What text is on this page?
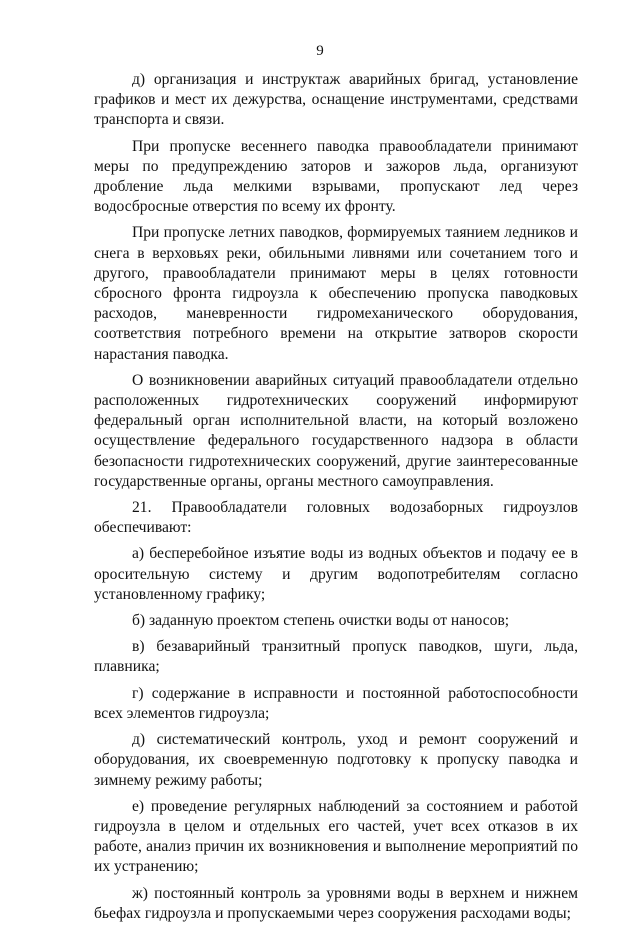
9

д) организация и инструктаж аварийных бригад, установление графиков и мест их дежурства, оснащение инструментами, средствами транспорта и связи.

При пропуске весеннего паводка правообладатели принимают меры по предупреждению заторов и зажоров льда, организуют дробление льда мелкими взрывами, пропускают лед через водосбросные отверстия по всему их фронту.

При пропуске летних паводков, формируемых таянием ледников и снега в верховьях реки, обильными ливнями или сочетанием того и другого, правообладатели принимают меры в целях готовности сбросного фронта гидроузла к обеспечению пропуска паводковых расходов, маневренности гидромеханического оборудования, соответствия потребного времени на открытие затворов скорости нарастания паводка.

О возникновении аварийных ситуаций правообладатели отдельно расположенных гидротехнических сооружений информируют федеральный орган исполнительной власти, на который возложено осуществление федерального государственного надзора в области безопасности гидротехнических сооружений, другие заинтересованные государственные органы, органы местного самоуправления.

21. Правообладатели головных водозаборных гидроузлов обеспечивают:

а) бесперебойное изъятие воды из водных объектов и подачу ее в оросительную систему и другим водопотребителям согласно установленному графику;

б) заданную проектом степень очистки воды от наносов;

в) безаварийный транзитный пропуск паводков, шуги, льда, плавника;

г) содержание в исправности и постоянной работоспособности всех элементов гидроузла;

д) систематический контроль, уход и ремонт сооружений и оборудования, их своевременную подготовку к пропуску паводка и зимнему режиму работы;

е) проведение регулярных наблюдений за состоянием и работой гидроузла в целом и отдельных его частей, учет всех отказов в их работе, анализ причин их возникновения и выполнение мероприятий по их устранению;

ж) постоянный контроль за уровнями воды в верхнем и нижнем бьефах гидроузла и пропускаемыми через сооружения расходами воды;
